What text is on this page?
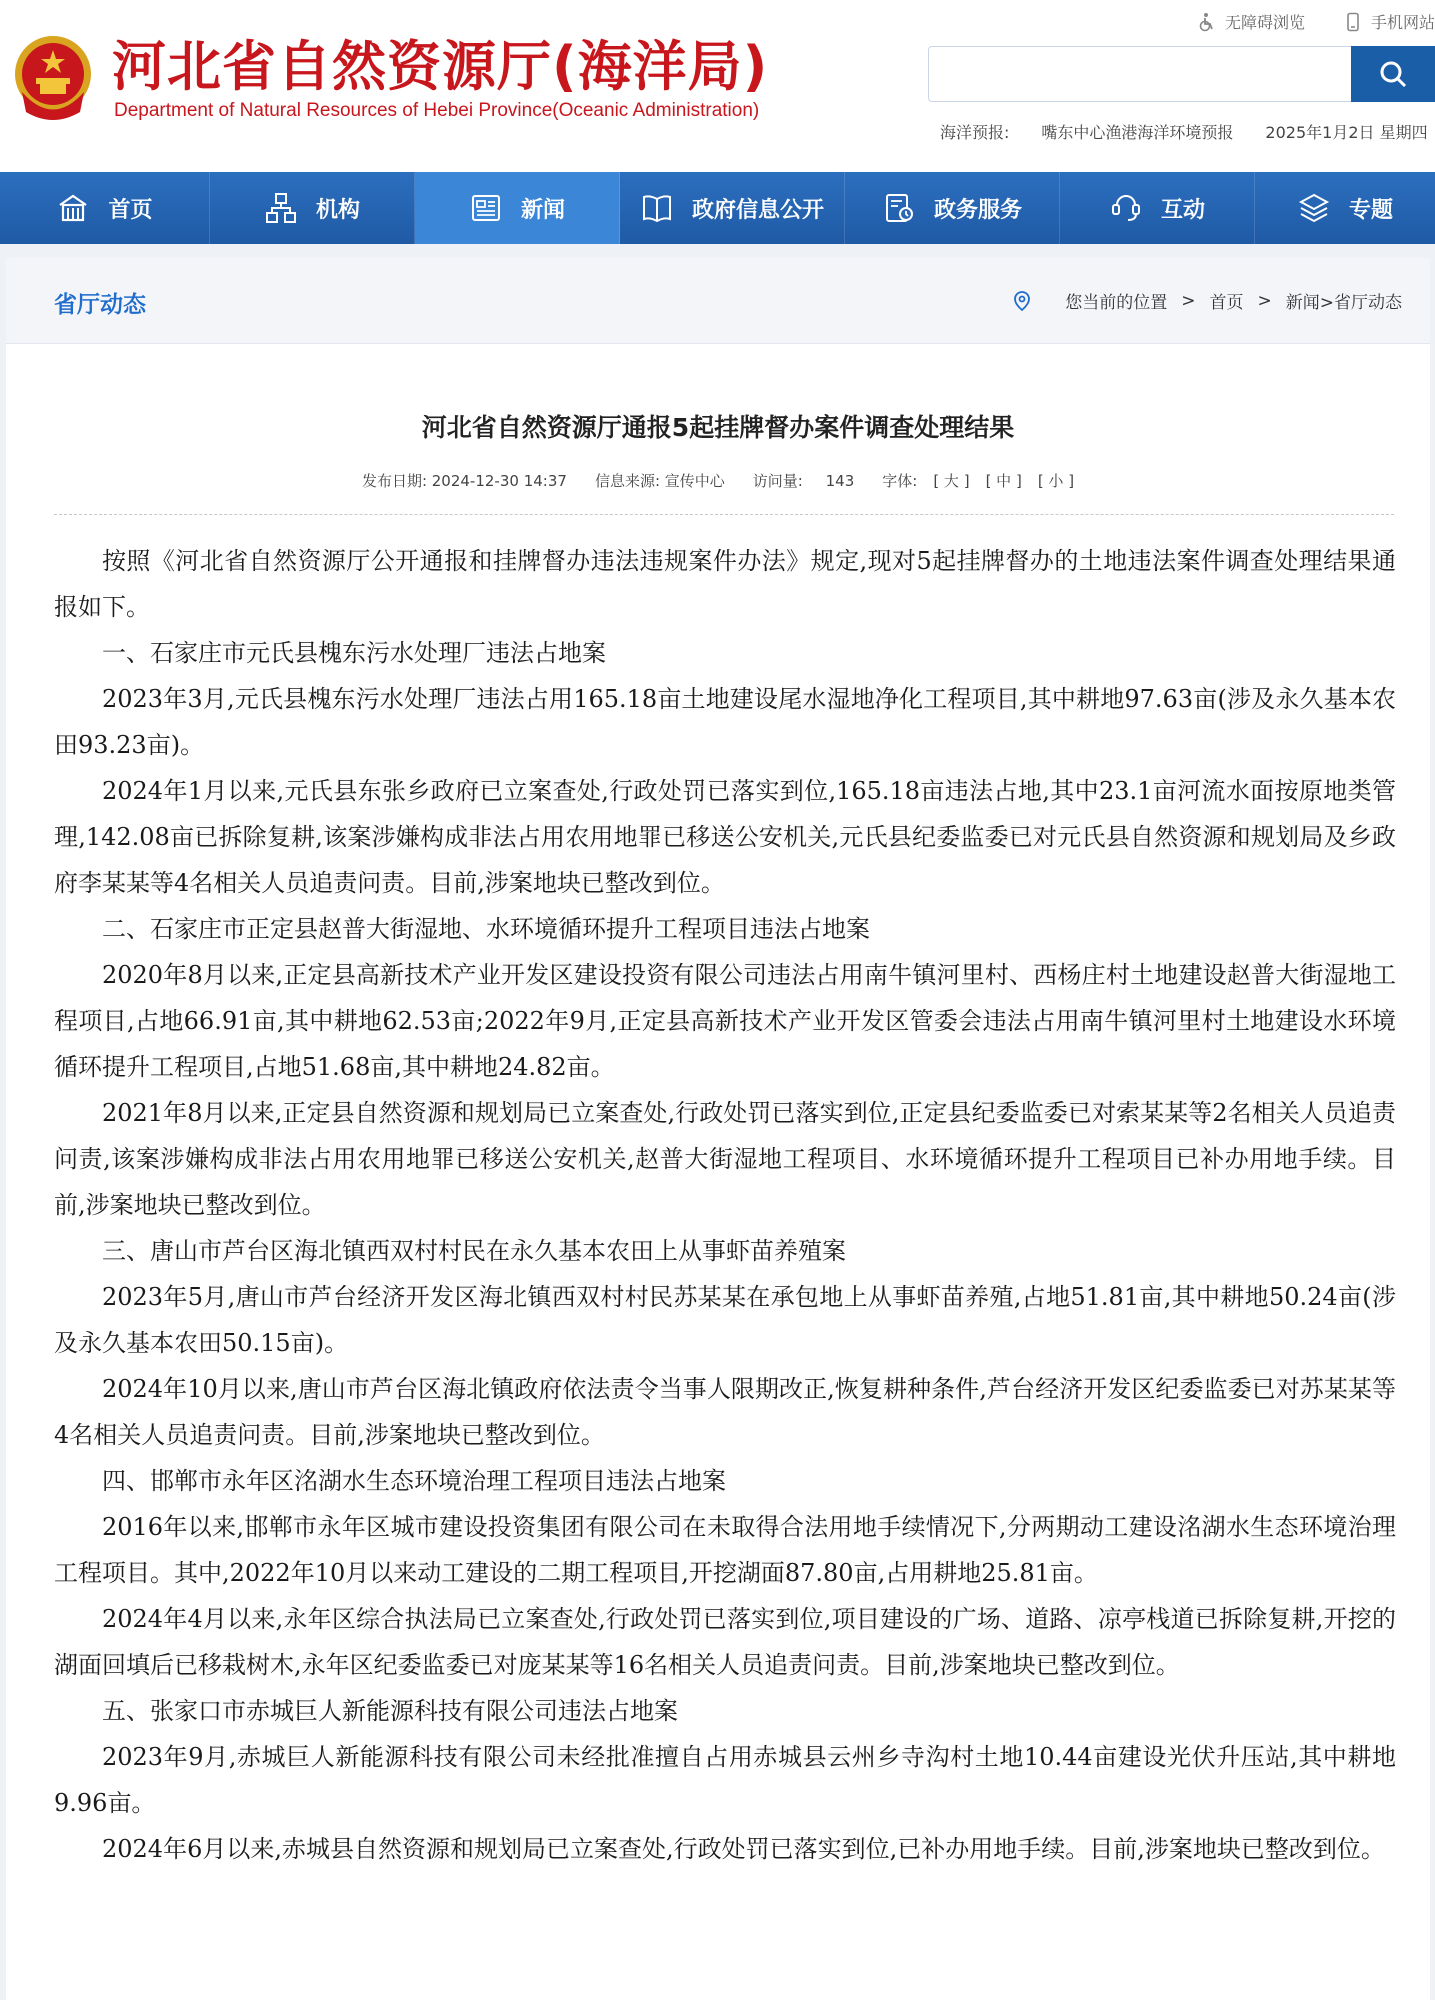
河北省自然资源厅(海洋局)
Department of Natural Resources of Hebei Province(Oceanic Administration)
无障碍浏览	手机网站
海洋预报: 嘴东中心渔港海洋环境预报 2025年1月2日 星期四
首页	机构	新闻	政府信息公开	政务服务	互动	专题
省厅动态	您当前的位置 > 首页 > 新闻>省厅动态
河北省自然资源厅通报5起挂牌督办案件调查处理结果
发布日期: 2024-12-30 14:37 信息来源: 宣传中心 访问量: 143 字体: [ 大 ] [ 中 ] [ 小 ]

按照《河北省自然资源厅公开通报和挂牌督办违法违规案件办法》规定,现对5起挂牌督办的土地违法案件调查处理结果通报如下。

一、石家庄市元氏县槐东污水处理厂违法占地案

2023年3月,元氏县槐东污水处理厂违法占用165.18亩土地建设尾水湿地净化工程项目,其中耕地97.63亩(涉及永久基本农田93.23亩)。

2024年1月以来,元氏县东张乡政府已立案查处,行政处罚已落实到位,165.18亩违法占地,其中23.1亩河流水面按原地类管理,142.08亩已拆除复耕,该案涉嫌构成非法占用农用地罪已移送公安机关,元氏县纪委监委已对元氏县自然资源和规划局及乡政府李某某等4名相关人员追责问责。目前,涉案地块已整改到位。

二、石家庄市正定县赵普大街湿地、水环境循环提升工程项目违法占地案

2020年8月以来,正定县高新技术产业开发区建设投资有限公司违法占用南牛镇河里村、西杨庄村土地建设赵普大街湿地工程项目,占地66.91亩,其中耕地62.53亩;2022年9月,正定县高新技术产业开发区管委会违法占用南牛镇河里村土地建设水环境循环提升工程项目,占地51.68亩,其中耕地24.82亩。

2021年8月以来,正定县自然资源和规划局已立案查处,行政处罚已落实到位,正定县纪委监委已对索某某等2名相关人员追责问责,该案涉嫌构成非法占用农用地罪已移送公安机关,赵普大街湿地工程项目、水环境循环提升工程项目已补办用地手续。目前,涉案地块已整改到位。

三、唐山市芦台区海北镇西双村村民在永久基本农田上从事虾苗养殖案

2023年5月,唐山市芦台经济开发区海北镇西双村村民苏某某在承包地上从事虾苗养殖,占地51.81亩,其中耕地50.24亩(涉及永久基本农田50.15亩)。

2024年10月以来,唐山市芦台区海北镇政府依法责令当事人限期改正,恢复耕种条件,芦台经济开发区纪委监委已对苏某某等4名相关人员追责问责。目前,涉案地块已整改到位。

四、邯郸市永年区洺湖水生态环境治理工程项目违法占地案

2016年以来,邯郸市永年区城市建设投资集团有限公司在未取得合法用地手续情况下,分两期动工建设洺湖水生态环境治理工程项目。其中,2022年10月以来动工建设的二期工程项目,开挖湖面87.80亩,占用耕地25.81亩。

2024年4月以来,永年区综合执法局已立案查处,行政处罚已落实到位,项目建设的广场、道路、凉亭栈道已拆除复耕,开挖的湖面回填后已移栽树木,永年区纪委监委已对庞某某等16名相关人员追责问责。目前,涉案地块已整改到位。

五、张家口市赤城巨人新能源科技有限公司违法占地案

2023年9月,赤城巨人新能源科技有限公司未经批准擅自占用赤城县云州乡寺沟村土地10.44亩建设光伏升压站,其中耕地9.96亩。

2024年6月以来,赤城县自然资源和规划局已立案查处,行政处罚已落实到位,已补办用地手续。目前,涉案地块已整改到位。
